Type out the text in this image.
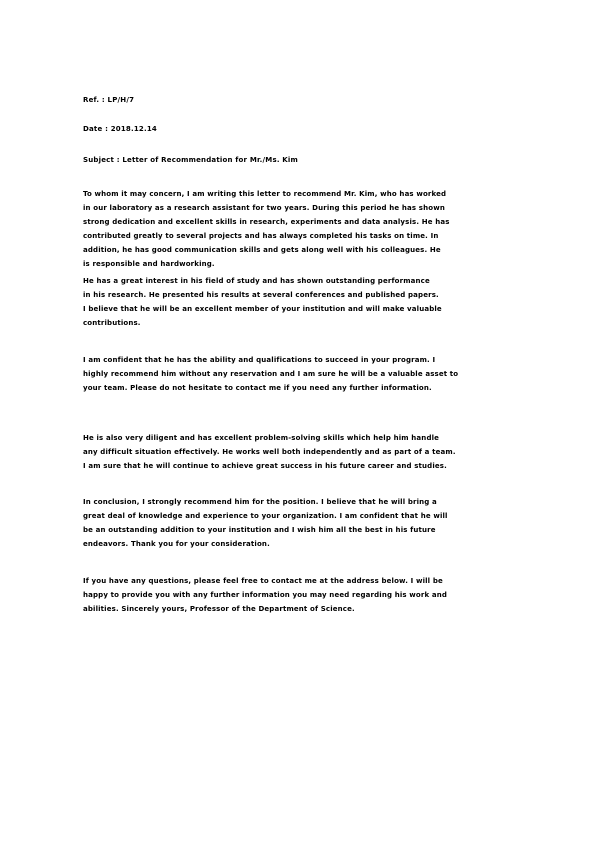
Ref. : LP/H/7
Date : 2018.12.14
Subject : Letter of Recommendation for Mr./Ms. Kim
To whom it may concern, I am writing this letter to recommend Mr. Kim, who has worked
in our laboratory as a research assistant for two years. During this period he has shown
strong dedication and excellent skills in research, experiments and data analysis. He has
contributed greatly to several projects and has always completed his tasks on time. In
addition, he has good communication skills and gets along well with his colleagues. He
is responsible and hardworking.
He has a great interest in his field of study and has shown outstanding performance
in his research. He presented his results at several conferences and published papers.
I believe that he will be an excellent member of your institution and will make valuable
contributions.
I am confident that he has the ability and qualifications to succeed in your program. I
highly recommend him without any reservation and I am sure he will be a valuable asset to
your team. Please do not hesitate to contact me if you need any further information.
He is also very diligent and has excellent problem-solving skills which help him handle
any difficult situation effectively. He works well both independently and as part of a team.
I am sure that he will continue to achieve great success in his future career and studies.
In conclusion, I strongly recommend him for the position. I believe that he will bring a
great deal of knowledge and experience to your organization. I am confident that he will
be an outstanding addition to your institution and I wish him all the best in his future
endeavors. Thank you for your consideration.
If you have any questions, please feel free to contact me at the address below. I will be
happy to provide you with any further information you may need regarding his work and
abilities. Sincerely yours, Professor of the Department of Science.
